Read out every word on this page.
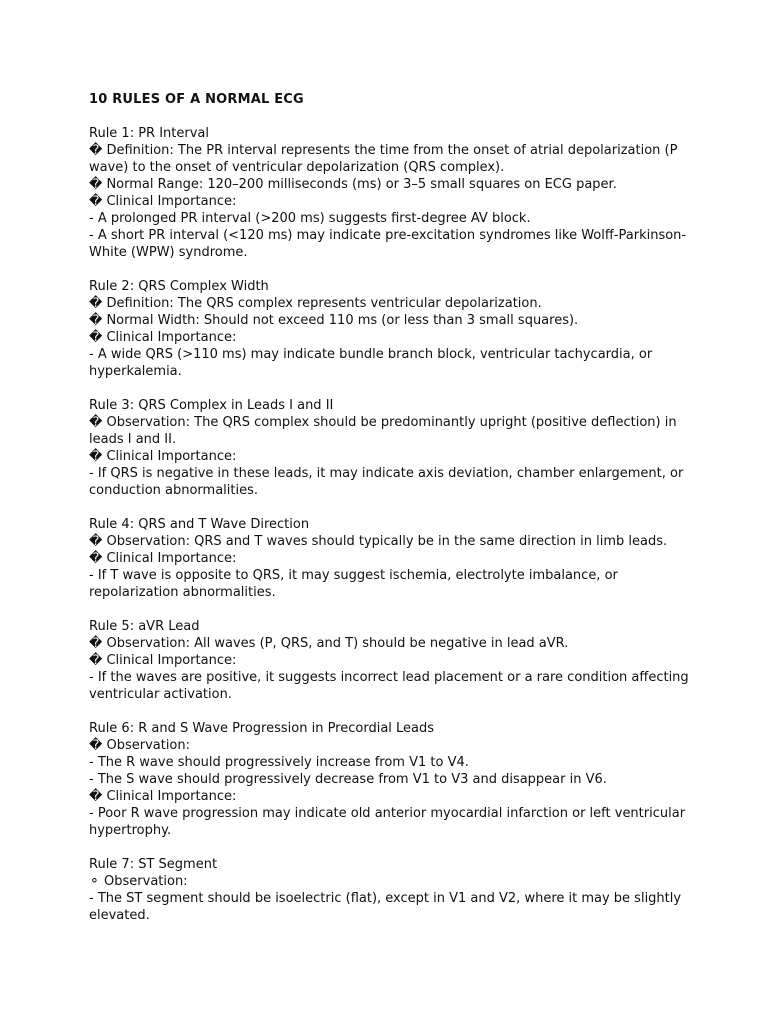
10 RULES OF A NORMAL ECG
Rule 1: PR Interval
� Definition: The PR interval represents the time from the onset of atrial depolarization (P wave) to the onset of ventricular depolarization (QRS complex).
� Normal Range: 120–200 milliseconds (ms) or 3–5 small squares on ECG paper.
� Clinical Importance:
- A prolonged PR interval (>200 ms) suggests first-degree AV block.
- A short PR interval (<120 ms) may indicate pre-excitation syndromes like Wolff-Parkinson-White (WPW) syndrome.
Rule 2: QRS Complex Width
� Definition: The QRS complex represents ventricular depolarization.
� Normal Width: Should not exceed 110 ms (or less than 3 small squares).
� Clinical Importance:
- A wide QRS (>110 ms) may indicate bundle branch block, ventricular tachycardia, or hyperkalemia.
Rule 3: QRS Complex in Leads I and II
� Observation: The QRS complex should be predominantly upright (positive deflection) in leads I and II.
� Clinical Importance:
- If QRS is negative in these leads, it may indicate axis deviation, chamber enlargement, or conduction abnormalities.
Rule 4: QRS and T Wave Direction
� Observation: QRS and T waves should typically be in the same direction in limb leads.
� Clinical Importance:
- If T wave is opposite to QRS, it may suggest ischemia, electrolyte imbalance, or repolarization abnormalities.
Rule 5: aVR Lead
� Observation: All waves (P, QRS, and T) should be negative in lead aVR.
� Clinical Importance:
- If the waves are positive, it suggests incorrect lead placement or a rare condition affecting ventricular activation.
Rule 6: R and S Wave Progression in Precordial Leads
� Observation:
- The R wave should progressively increase from V1 to V4.
- The S wave should progressively decrease from V1 to V3 and disappear in V6.
� Clinical Importance:
- Poor R wave progression may indicate old anterior myocardial infarction or left ventricular hypertrophy.
Rule 7: ST Segment
⚬ Observation:
- The ST segment should be isoelectric (flat), except in V1 and V2, where it may be slightly elevated.
